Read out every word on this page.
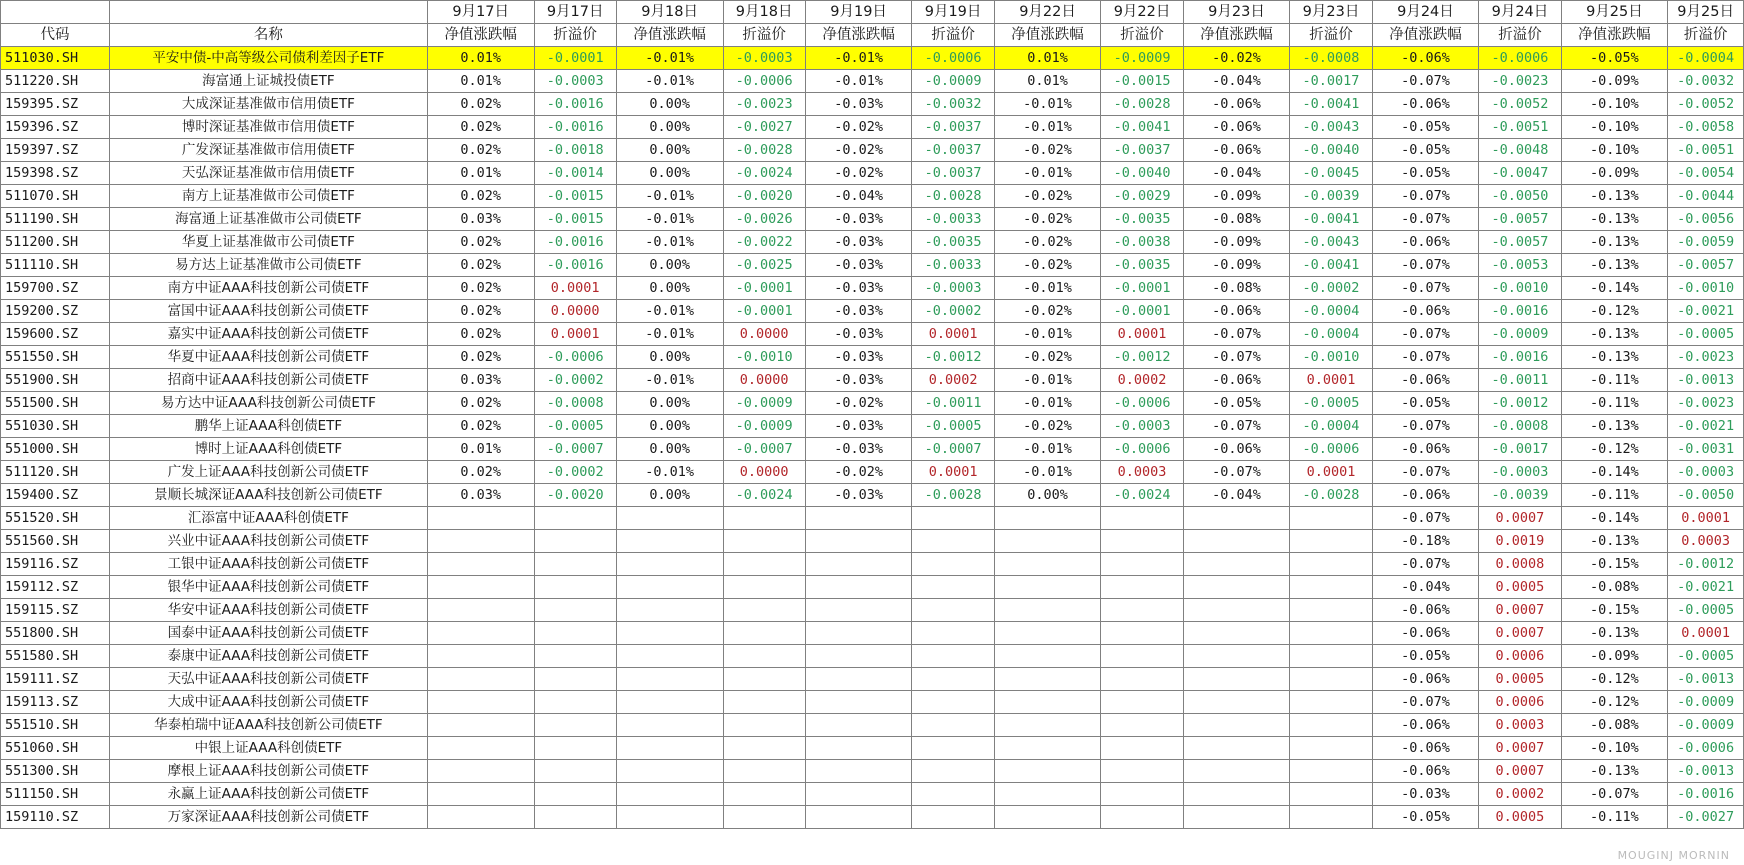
		9月17日	9月17日	9月18日	9月18日	9月19日	9月19日	9月22日	9月22日	9月23日	9月23日	9月24日	9月24日	9月25日	9月25日
代码	名称	净值涨跌幅	折溢价	净值涨跌幅	折溢价	净值涨跌幅	折溢价	净值涨跌幅	折溢价	净值涨跌幅	折溢价	净值涨跌幅	折溢价	净值涨跌幅	折溢价
511030.SH	平安中债-中高等级公司债利差因子ETF	0.01%	-0.0001	-0.01%	-0.0003	-0.01%	-0.0006	0.01%	-0.0009	-0.02%	-0.0008	-0.06%	-0.0006	-0.05%	-0.0004
511220.SH	海富通上证城投债ETF	0.01%	-0.0003	-0.01%	-0.0006	-0.01%	-0.0009	0.01%	-0.0015	-0.04%	-0.0017	-0.07%	-0.0023	-0.09%	-0.0032
159395.SZ	大成深证基准做市信用债ETF	0.02%	-0.0016	0.00%	-0.0023	-0.03%	-0.0032	-0.01%	-0.0028	-0.06%	-0.0041	-0.06%	-0.0052	-0.10%	-0.0052
159396.SZ	博时深证基准做市信用债ETF	0.02%	-0.0016	0.00%	-0.0027	-0.02%	-0.0037	-0.01%	-0.0041	-0.06%	-0.0043	-0.05%	-0.0051	-0.10%	-0.0058
159397.SZ	广发深证基准做市信用债ETF	0.02%	-0.0018	0.00%	-0.0028	-0.02%	-0.0037	-0.02%	-0.0037	-0.06%	-0.0040	-0.05%	-0.0048	-0.10%	-0.0051
159398.SZ	天弘深证基准做市信用债ETF	0.01%	-0.0014	0.00%	-0.0024	-0.02%	-0.0037	-0.01%	-0.0040	-0.04%	-0.0045	-0.05%	-0.0047	-0.09%	-0.0054
511070.SH	南方上证基准做市公司债ETF	0.02%	-0.0015	-0.01%	-0.0020	-0.04%	-0.0028	-0.02%	-0.0029	-0.09%	-0.0039	-0.07%	-0.0050	-0.13%	-0.0044
511190.SH	海富通上证基准做市公司债ETF	0.03%	-0.0015	-0.01%	-0.0026	-0.03%	-0.0033	-0.02%	-0.0035	-0.08%	-0.0041	-0.07%	-0.0057	-0.13%	-0.0056
511200.SH	华夏上证基准做市公司债ETF	0.02%	-0.0016	-0.01%	-0.0022	-0.03%	-0.0035	-0.02%	-0.0038	-0.09%	-0.0043	-0.06%	-0.0057	-0.13%	-0.0059
511110.SH	易方达上证基准做市公司债ETF	0.02%	-0.0016	0.00%	-0.0025	-0.03%	-0.0033	-0.02%	-0.0035	-0.09%	-0.0041	-0.07%	-0.0053	-0.13%	-0.0057
159700.SZ	南方中证AAA科技创新公司债ETF	0.02%	0.0001	0.00%	-0.0001	-0.03%	-0.0003	-0.01%	-0.0001	-0.08%	-0.0002	-0.07%	-0.0010	-0.14%	-0.0010
159200.SZ	富国中证AAA科技创新公司债ETF	0.02%	0.0000	-0.01%	-0.0001	-0.03%	-0.0002	-0.02%	-0.0001	-0.06%	-0.0004	-0.06%	-0.0016	-0.12%	-0.0021
159600.SZ	嘉实中证AAA科技创新公司债ETF	0.02%	0.0001	-0.01%	0.0000	-0.03%	0.0001	-0.01%	0.0001	-0.07%	-0.0004	-0.07%	-0.0009	-0.13%	-0.0005
551550.SH	华夏中证AAA科技创新公司债ETF	0.02%	-0.0006	0.00%	-0.0010	-0.03%	-0.0012	-0.02%	-0.0012	-0.07%	-0.0010	-0.07%	-0.0016	-0.13%	-0.0023
551900.SH	招商中证AAA科技创新公司债ETF	0.03%	-0.0002	-0.01%	0.0000	-0.03%	0.0002	-0.01%	0.0002	-0.06%	0.0001	-0.06%	-0.0011	-0.11%	-0.0013
551500.SH	易方达中证AAA科技创新公司债ETF	0.02%	-0.0008	0.00%	-0.0009	-0.02%	-0.0011	-0.01%	-0.0006	-0.05%	-0.0005	-0.05%	-0.0012	-0.11%	-0.0023
551030.SH	鹏华上证AAA科创债ETF	0.02%	-0.0005	0.00%	-0.0009	-0.03%	-0.0005	-0.02%	-0.0003	-0.07%	-0.0004	-0.07%	-0.0008	-0.13%	-0.0021
551000.SH	博时上证AAA科创债ETF	0.01%	-0.0007	0.00%	-0.0007	-0.03%	-0.0007	-0.01%	-0.0006	-0.06%	-0.0006	-0.06%	-0.0017	-0.12%	-0.0031
511120.SH	广发上证AAA科技创新公司债ETF	0.02%	-0.0002	-0.01%	0.0000	-0.02%	0.0001	-0.01%	0.0003	-0.07%	0.0001	-0.07%	-0.0003	-0.14%	-0.0003
159400.SZ	景顺长城深证AAA科技创新公司债ETF	0.03%	-0.0020	0.00%	-0.0024	-0.03%	-0.0028	0.00%	-0.0024	-0.04%	-0.0028	-0.06%	-0.0039	-0.11%	-0.0050
551520.SH	汇添富中证AAA科创债ETF											-0.07%	0.0007	-0.14%	0.0001
551560.SH	兴业中证AAA科技创新公司债ETF											-0.18%	0.0019	-0.13%	0.0003
159116.SZ	工银中证AAA科技创新公司债ETF											-0.07%	0.0008	-0.15%	-0.0012
159112.SZ	银华中证AAA科技创新公司债ETF											-0.04%	0.0005	-0.08%	-0.0021
159115.SZ	华安中证AAA科技创新公司债ETF											-0.06%	0.0007	-0.15%	-0.0005
551800.SH	国泰中证AAA科技创新公司债ETF											-0.06%	0.0007	-0.13%	0.0001
551580.SH	泰康中证AAA科技创新公司债ETF											-0.05%	0.0006	-0.09%	-0.0005
159111.SZ	天弘中证AAA科技创新公司债ETF											-0.06%	0.0005	-0.12%	-0.0013
159113.SZ	大成中证AAA科技创新公司债ETF											-0.07%	0.0006	-0.12%	-0.0009
551510.SH	华泰柏瑞中证AAA科技创新公司债ETF											-0.06%	0.0003	-0.08%	-0.0009
551060.SH	中银上证AAA科创债ETF											-0.06%	0.0007	-0.10%	-0.0006
551300.SH	摩根上证AAA科技创新公司债ETF											-0.06%	0.0007	-0.13%	-0.0013
511150.SH	永赢上证AAA科技创新公司债ETF											-0.03%	0.0002	-0.07%	-0.0016
159110.SZ	万家深证AAA科技创新公司债ETF											-0.05%	0.0005	-0.11%	-0.0027
MOUGINJ MORNIN
